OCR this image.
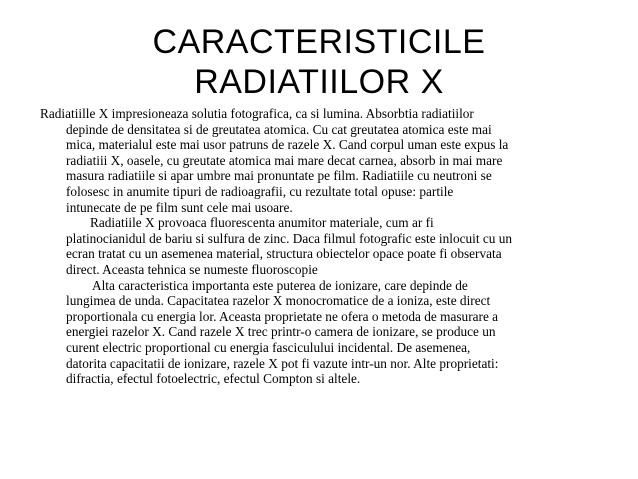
CARACTERISTICILE
RADIATIILOR X
Radiatiille X impresioneaza solutia fotografica, ca si lumina. Absorbtia radiatiilor
depinde de densitatea si de greutatea atomica. Cu cat greutatea atomica este mai
mica, materialul este mai usor patruns de razele X. Cand corpul uman este expus la
radiatiii X, oasele, cu greutate atomica mai mare decat carnea, absorb in mai mare
masura radiatiile si apar umbre mai pronuntate pe film. Radiatiile cu neutroni se
folosesc in anumite tipuri de radioagrafii, cu rezultate total opuse: partile
intunecate de pe film sunt cele mai usoare.
Radiatiile X provoaca fluorescenta anumitor materiale, cum ar fi
platinocianidul de bariu si sulfura de zinc. Daca filmul fotografic este inlocuit cu un
ecran tratat cu un asemenea material, structura obiectelor opace poate fi observata
direct. Aceasta tehnica se numeste fluoroscopie
Alta caracteristica importanta este puterea de ionizare, care depinde de
lungimea de unda. Capacitatea razelor X monocromatice de a ioniza, este direct
proportionala cu energia lor. Aceasta proprietate ne ofera o metoda de masurare a
energiei razelor X. Cand razele X trec printr-o camera de ionizare, se produce un
curent electric proportional cu energia fasciculului incidental. De asemenea,
datorita capacitatii de ionizare, razele X pot fi vazute intr-un nor. Alte proprietati:
difractia, efectul fotoelectric, efectul Compton si altele.
